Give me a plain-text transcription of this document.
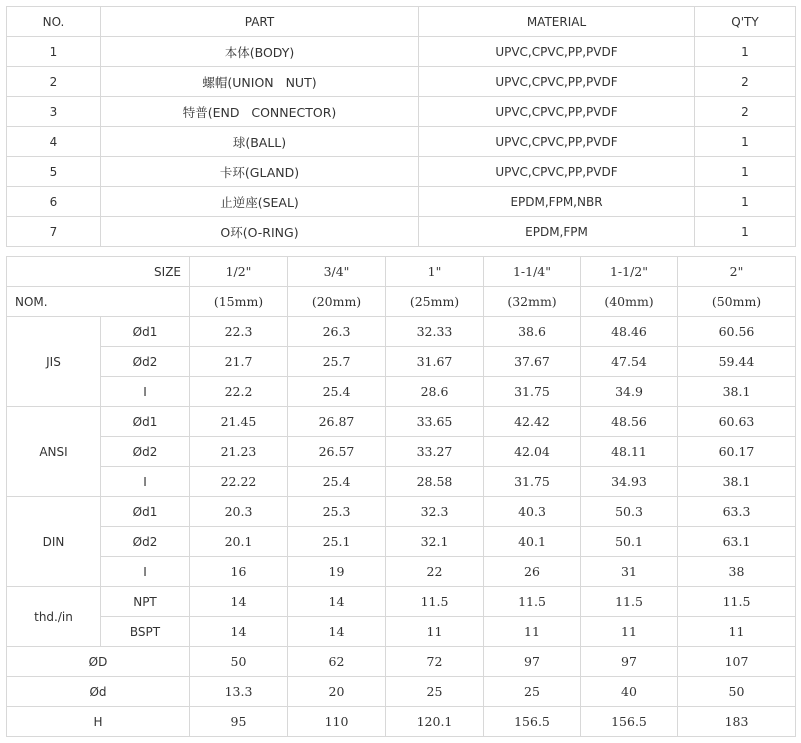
NO.	PART	MATERIAL	Q'TY
1	本体(BODY)	UPVC,CPVC,PP,PVDF	1
2	螺帽(UNION   NUT)	UPVC,CPVC,PP,PVDF	2
3	特普(END   CONNECTOR)	UPVC,CPVC,PP,PVDF	2
4	球(BALL)	UPVC,CPVC,PP,PVDF	1
5	卡环(GLAND)	UPVC,CPVC,PP,PVDF	1
6	止逆座(SEAL)	EPDM,FPM,NBR	1
7	O环(O-RING)	EPDM,FPM	1
SIZE		1/2"	3/4"	1"	1-1/4"	1-1/2"	2"
NOM.		(15mm)	(20mm)	(25mm)	(32mm)	(40mm)	(50mm)
JIS	Ød1	22.3	26.3	32.33	38.6	48.46	60.56
	Ød2	21.7	25.7	31.67	37.67	47.54	59.44
	I	22.2	25.4	28.6	31.75	34.9	38.1
ANSI	Ød1	21.45	26.87	33.65	42.42	48.56	60.63
	Ød2	21.23	26.57	33.27	42.04	48.11	60.17
	I	22.22	25.4	28.58	31.75	34.93	38.1
DIN	Ød1	20.3	25.3	32.3	40.3	50.3	63.3
	Ød2	20.1	25.1	32.1	40.1	50.1	63.1
	I	16	19	22	26	31	38
thd./in	NPT	14	14	11.5	11.5	11.5	11.5
	BSPT	14	14	11	11	11	11
ØD		50	62	72	97	97	107
Ød		13.3	20	25	25	40	50
H		95	110	120.1	156.5	156.5	183
